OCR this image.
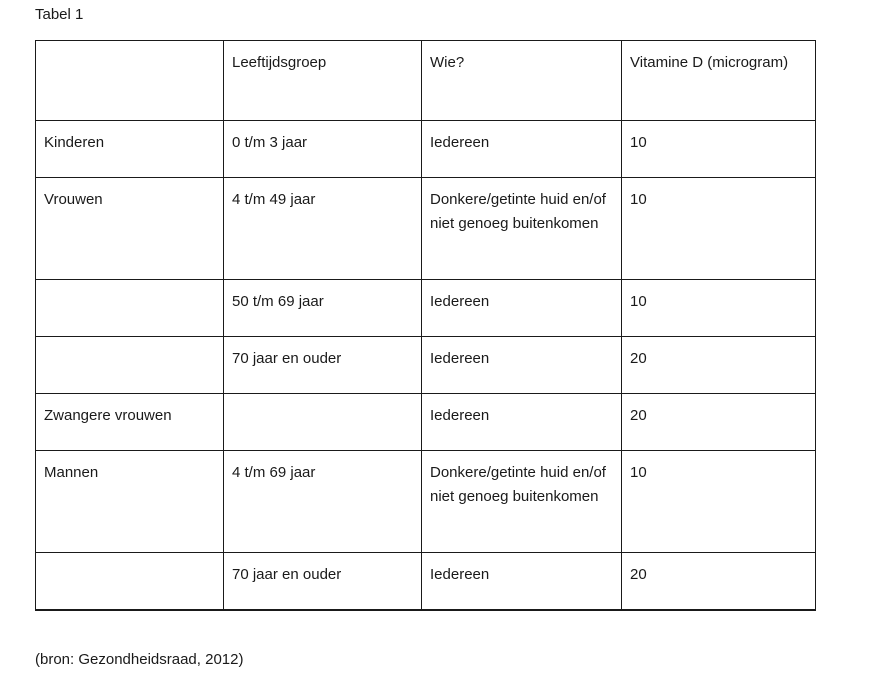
Tabel 1
	Leeftijdsgroep	Wie?	Vitamine D (microgram)
Kinderen	0 t/m 3 jaar	Iedereen	10
Vrouwen	4 t/m 49 jaar	Donkere/getinte huid en/of niet genoeg buitenkomen	10
	50 t/m 69 jaar	Iedereen	10
	70 jaar en ouder	Iedereen	20
Zwangere vrouwen		Iedereen	20
Mannen	4 t/m 69 jaar	Donkere/getinte huid en/of niet genoeg buitenkomen	10
	70 jaar en ouder	Iedereen	20
(bron: Gezondheidsraad, 2012)
